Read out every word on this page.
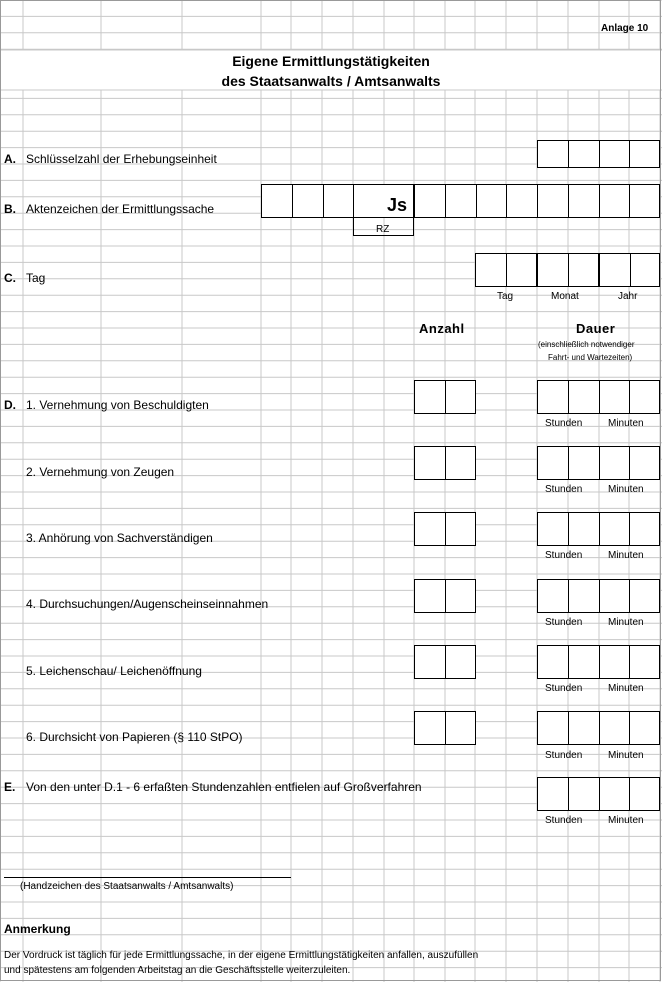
Anlage 10
Eigene Ermittlungstätigkeiten
des Staatsanwalts / Amtsanwalts
A. Schlüsselzahl der Erhebungseinheit
B. Aktenzeichen der Ermittlungssache	Js
RZ
C. Tag
Tag	Monat	Jahr
Anzahl	Dauer
(einschließlich notwendiger
Fahrt- und Wartezeiten)
D. 1. Vernehmung von Beschuldigten
Stunden	Minuten
2. Vernehmung von Zeugen
Stunden	Minuten
3. Anhörung von Sachverständigen
Stunden	Minuten
4. Durchsuchungen/Augenscheinseinnahmen
Stunden	Minuten
5. Leichenschau/ Leichenöffnung
Stunden	Minuten
6. Durchsicht von Papieren (§ 110 StPO)
Stunden	Minuten
E. Von den unter D.1 - 6 erfaßten Stundenzahlen entfielen auf Großverfahren
Stunden	Minuten
(Handzeichen des Staatsanwalts / Amtsanwalts)
Anmerkung
Der Vordruck ist täglich für jede Ermittlungssache, in der eigene Ermittlungstätigkeiten anfallen, auszufüllen
und spätestens am folgenden Arbeitstag an die Geschäftsstelle weiterzuleiten.
